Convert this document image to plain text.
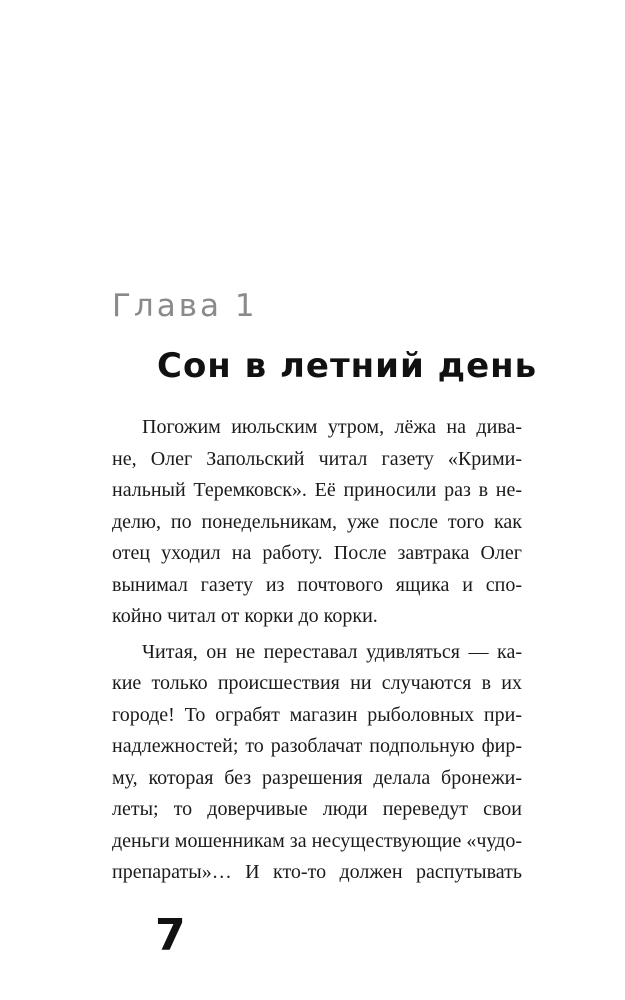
Глава 1
Сон в летний день

Погожим июльским утром, лёжа на дива-
не, Олег Запольский читал газету «Крими-
нальный Теремковск». Её приносили раз в не-
делю, по понедельникам, уже после того как
отец уходил на работу. После завтрака Олег
вынимал газету из почтового ящика и спо-
койно читал от корки до корки.

Читая, он не переставал удивляться — ка-
кие только происшествия ни случаются в их
городе! То ограбят магазин рыболовных при-
надлежностей; то разоблачат подпольную фир-
му, которая без разрешения делала бронежи-
леты; то доверчивые люди переведут свои
деньги мошенникам за несуществующие «чудо-
препараты»… И кто-то должен распутывать

7
